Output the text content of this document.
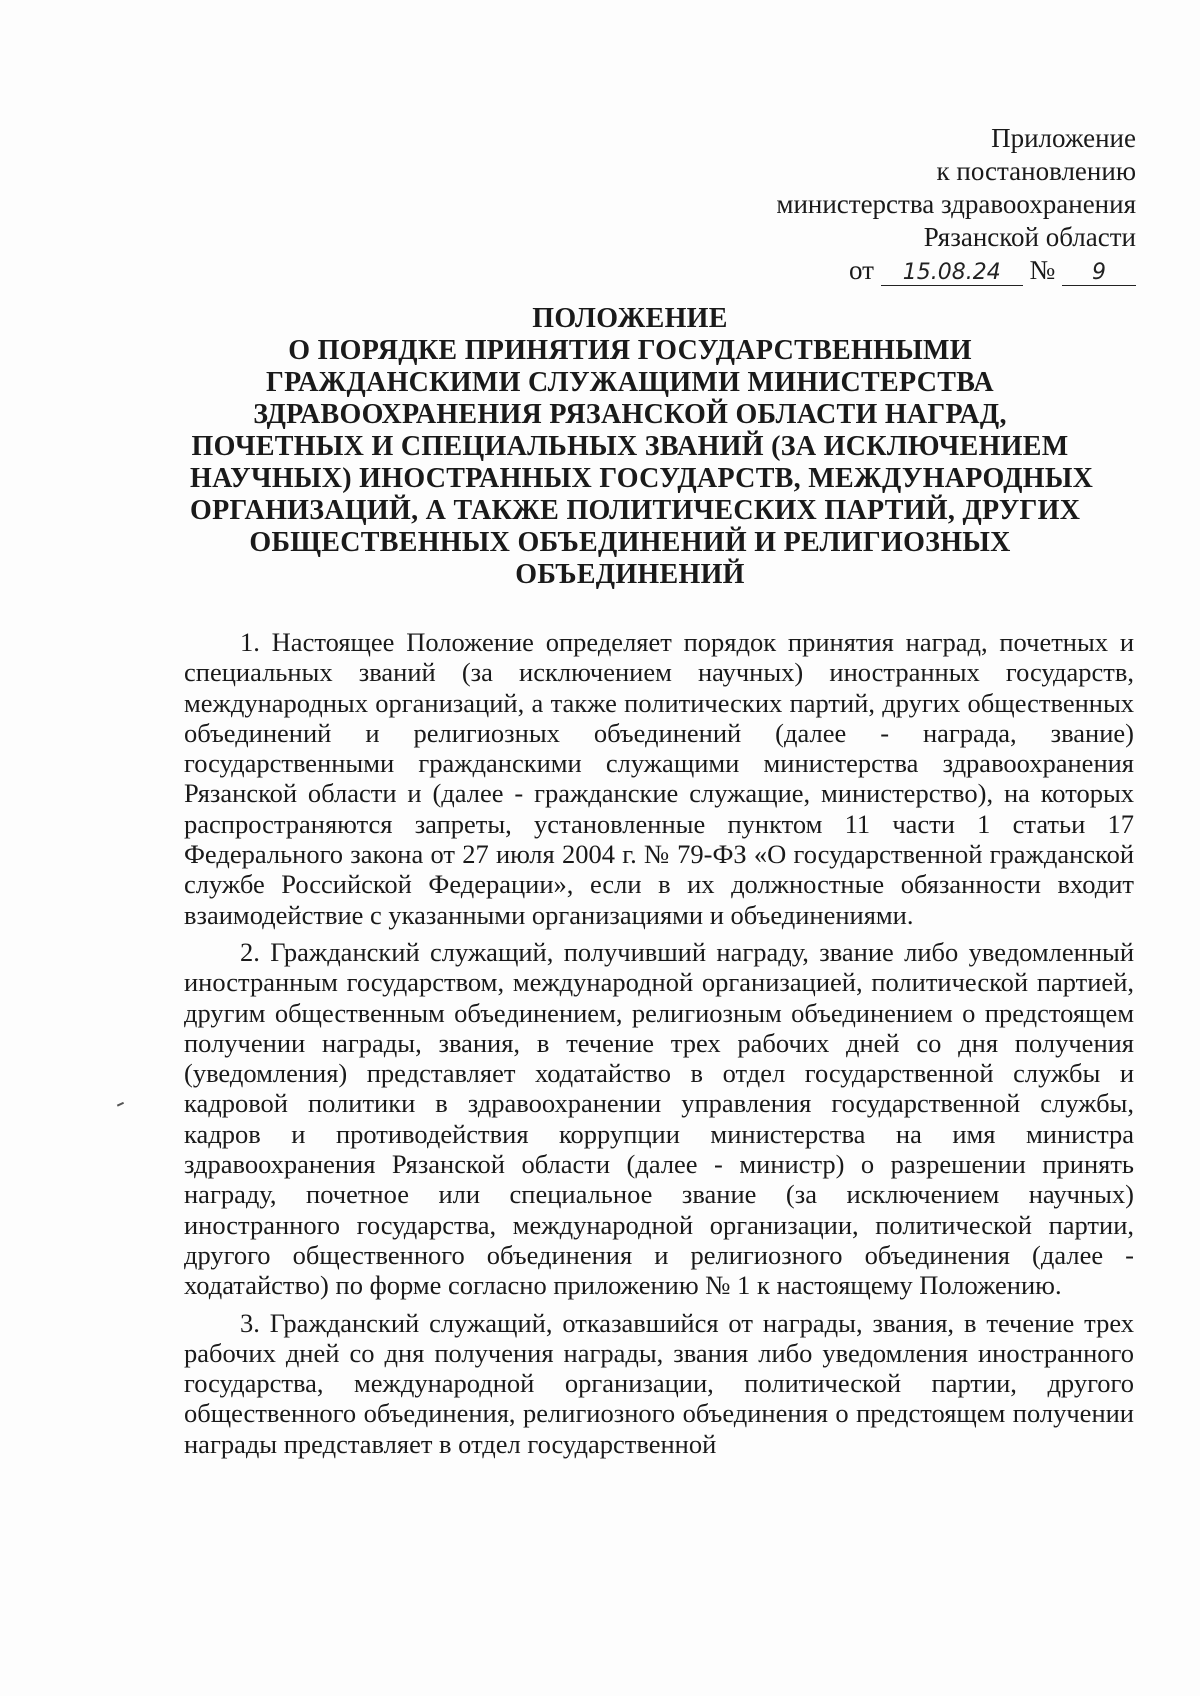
Приложение
к постановлению
министерства здравоохранения
Рязанской области
от 15.08.24 № 9
ПОЛОЖЕНИЕ
О ПОРЯДКЕ ПРИНЯТИЯ ГОСУДАРСТВЕННЫМИ
ГРАЖДАНСКИМИ СЛУЖАЩИМИ МИНИСТЕРСТВА
ЗДРАВООХРАНЕНИЯ РЯЗАНСКОЙ ОБЛАСТИ НАГРАД,
ПОЧЕТНЫХ И СПЕЦИАЛЬНЫХ ЗВАНИЙ (ЗА ИСКЛЮЧЕНИЕМ
НАУЧНЫХ) ИНОСТРАННЫХ ГОСУДАРСТВ, МЕЖДУНАРОДНЫХ
ОРГАНИЗАЦИЙ, А ТАКЖЕ ПОЛИТИЧЕСКИХ ПАРТИЙ, ДРУГИХ
ОБЩЕСТВЕННЫХ ОБЪЕДИНЕНИЙ И РЕЛИГИОЗНЫХ
ОБЪЕДИНЕНИЙ

1. Настоящее Положение определяет порядок принятия наград, почетных и специальных званий (за исключением научных) иностранных государств, международных организаций, а также политических партий, других общественных объединений и религиозных объединений (далее - награда, звание) государственными гражданскими служащими министерства здравоохранения Рязанской области и (далее - гражданские служащие, министерство), на которых распространяются запреты, установленные пунктом 11 части 1 статьи 17 Федерального закона от 27 июля 2004 г. № 79-ФЗ «О государственной гражданской службе Российской Федерации», если в их должностные обязанности входит взаимодействие с указанными организациями и объединениями.

2. Гражданский служащий, получивший награду, звание либо уведомленный иностранным государством, международной организацией, политической партией, другим общественным объединением, религиозным объединением о предстоящем получении награды, звания, в течение трех рабочих дней со дня получения (уведомления) представляет ходатайство в отдел государственной службы и кадровой политики в здравоохранении управления государственной службы, кадров и противодействия коррупции министерства на имя министра здравоохранения Рязанской области (далее - министр) о разрешении принять награду, почетное или специальное звание (за исключением научных) иностранного государства, международной организации, политической партии, другого общественного объединения и религиозного объединения (далее - ходатайство) по форме согласно приложению № 1 к настоящему Положению.

3. Гражданский служащий, отказавшийся от награды, звания, в течение трех рабочих дней со дня получения награды, звания либо уведомления иностранного государства, международной организации, политической партии, другого общественного объединения, религиозного объединения о предстоящем получении награды представляет в отдел государственной
